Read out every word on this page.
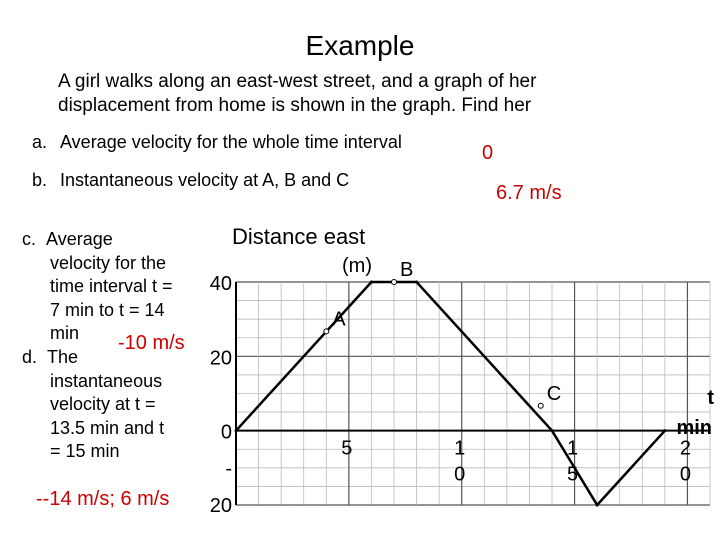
Example
A girl walks along an east-west street, and a graph of her
displacement from home is shown in the graph. Find her
a. Average velocity for the whole time interval	0
b. Instantaneous velocity at A, B and C
6.7 m/s
c. Average
velocity for the
time interval t =
7 min to t = 14
min	-10 m/s
d. The
instantaneous
velocity at t =
13.5 min and t
= 15 min
--14 m/s; 6 m/s
A
B
C
Distance east
(m)
40
20
0
-
20
5	1
0
1
5
2
0
t
min
